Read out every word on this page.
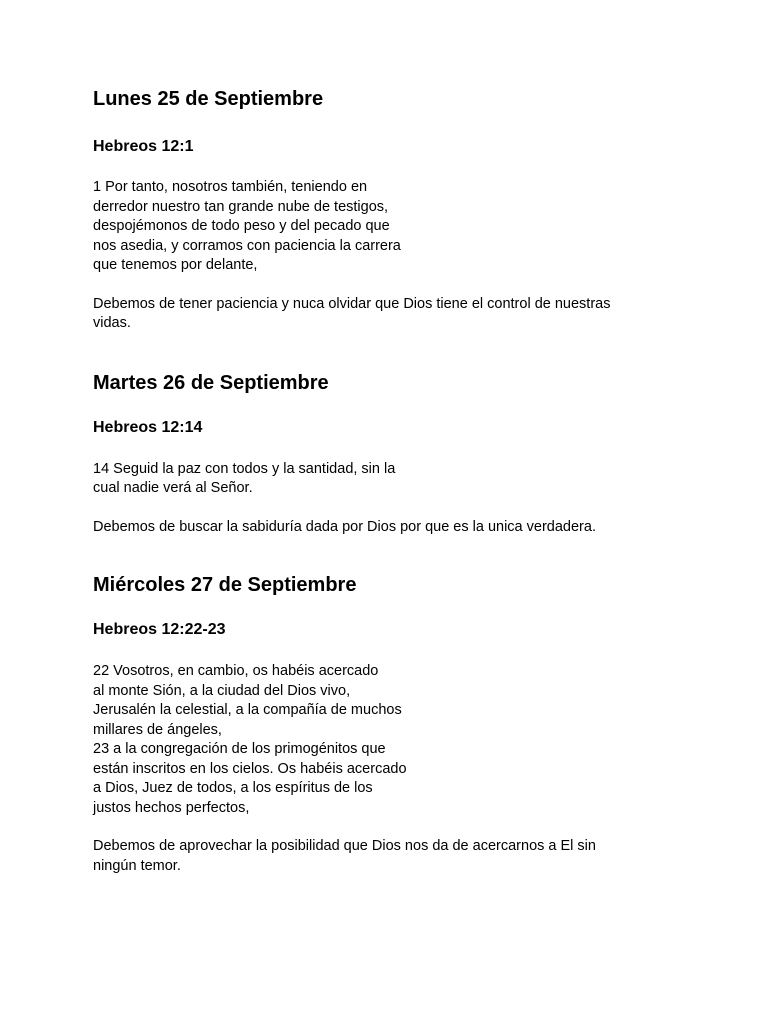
Lunes 25 de Septiembre
Hebreos 12:1

1 Por tanto, nosotros también, teniendo en

derredor nuestro tan grande nube de testigos,

despojémonos de todo peso y del pecado que

nos asedia, y corramos con paciencia la carrera

que tenemos por delante,

Debemos de tener paciencia y nuca olvidar que Dios tiene el control de nuestras

vidas.

Martes 26 de Septiembre
Hebreos 12:14

14 Seguid la paz con todos y la santidad, sin la

cual nadie verá al Señor.

Debemos de buscar la sabiduría dada por Dios por que es la unica verdadera.

Miércoles 27 de Septiembre
Hebreos 12:22-23

22 Vosotros, en cambio, os habéis acercado

al monte Sión, a la ciudad del Dios vivo,

Jerusalén la celestial, a la compañía de muchos

millares de ángeles,

23 a la congregación de los primogénitos que

están inscritos en los cielos. Os habéis acercado

a Dios, Juez de todos, a los espíritus de los

justos hechos perfectos,

Debemos de aprovechar la posibilidad que Dios nos da de acercarnos a El sin

ningún temor.
